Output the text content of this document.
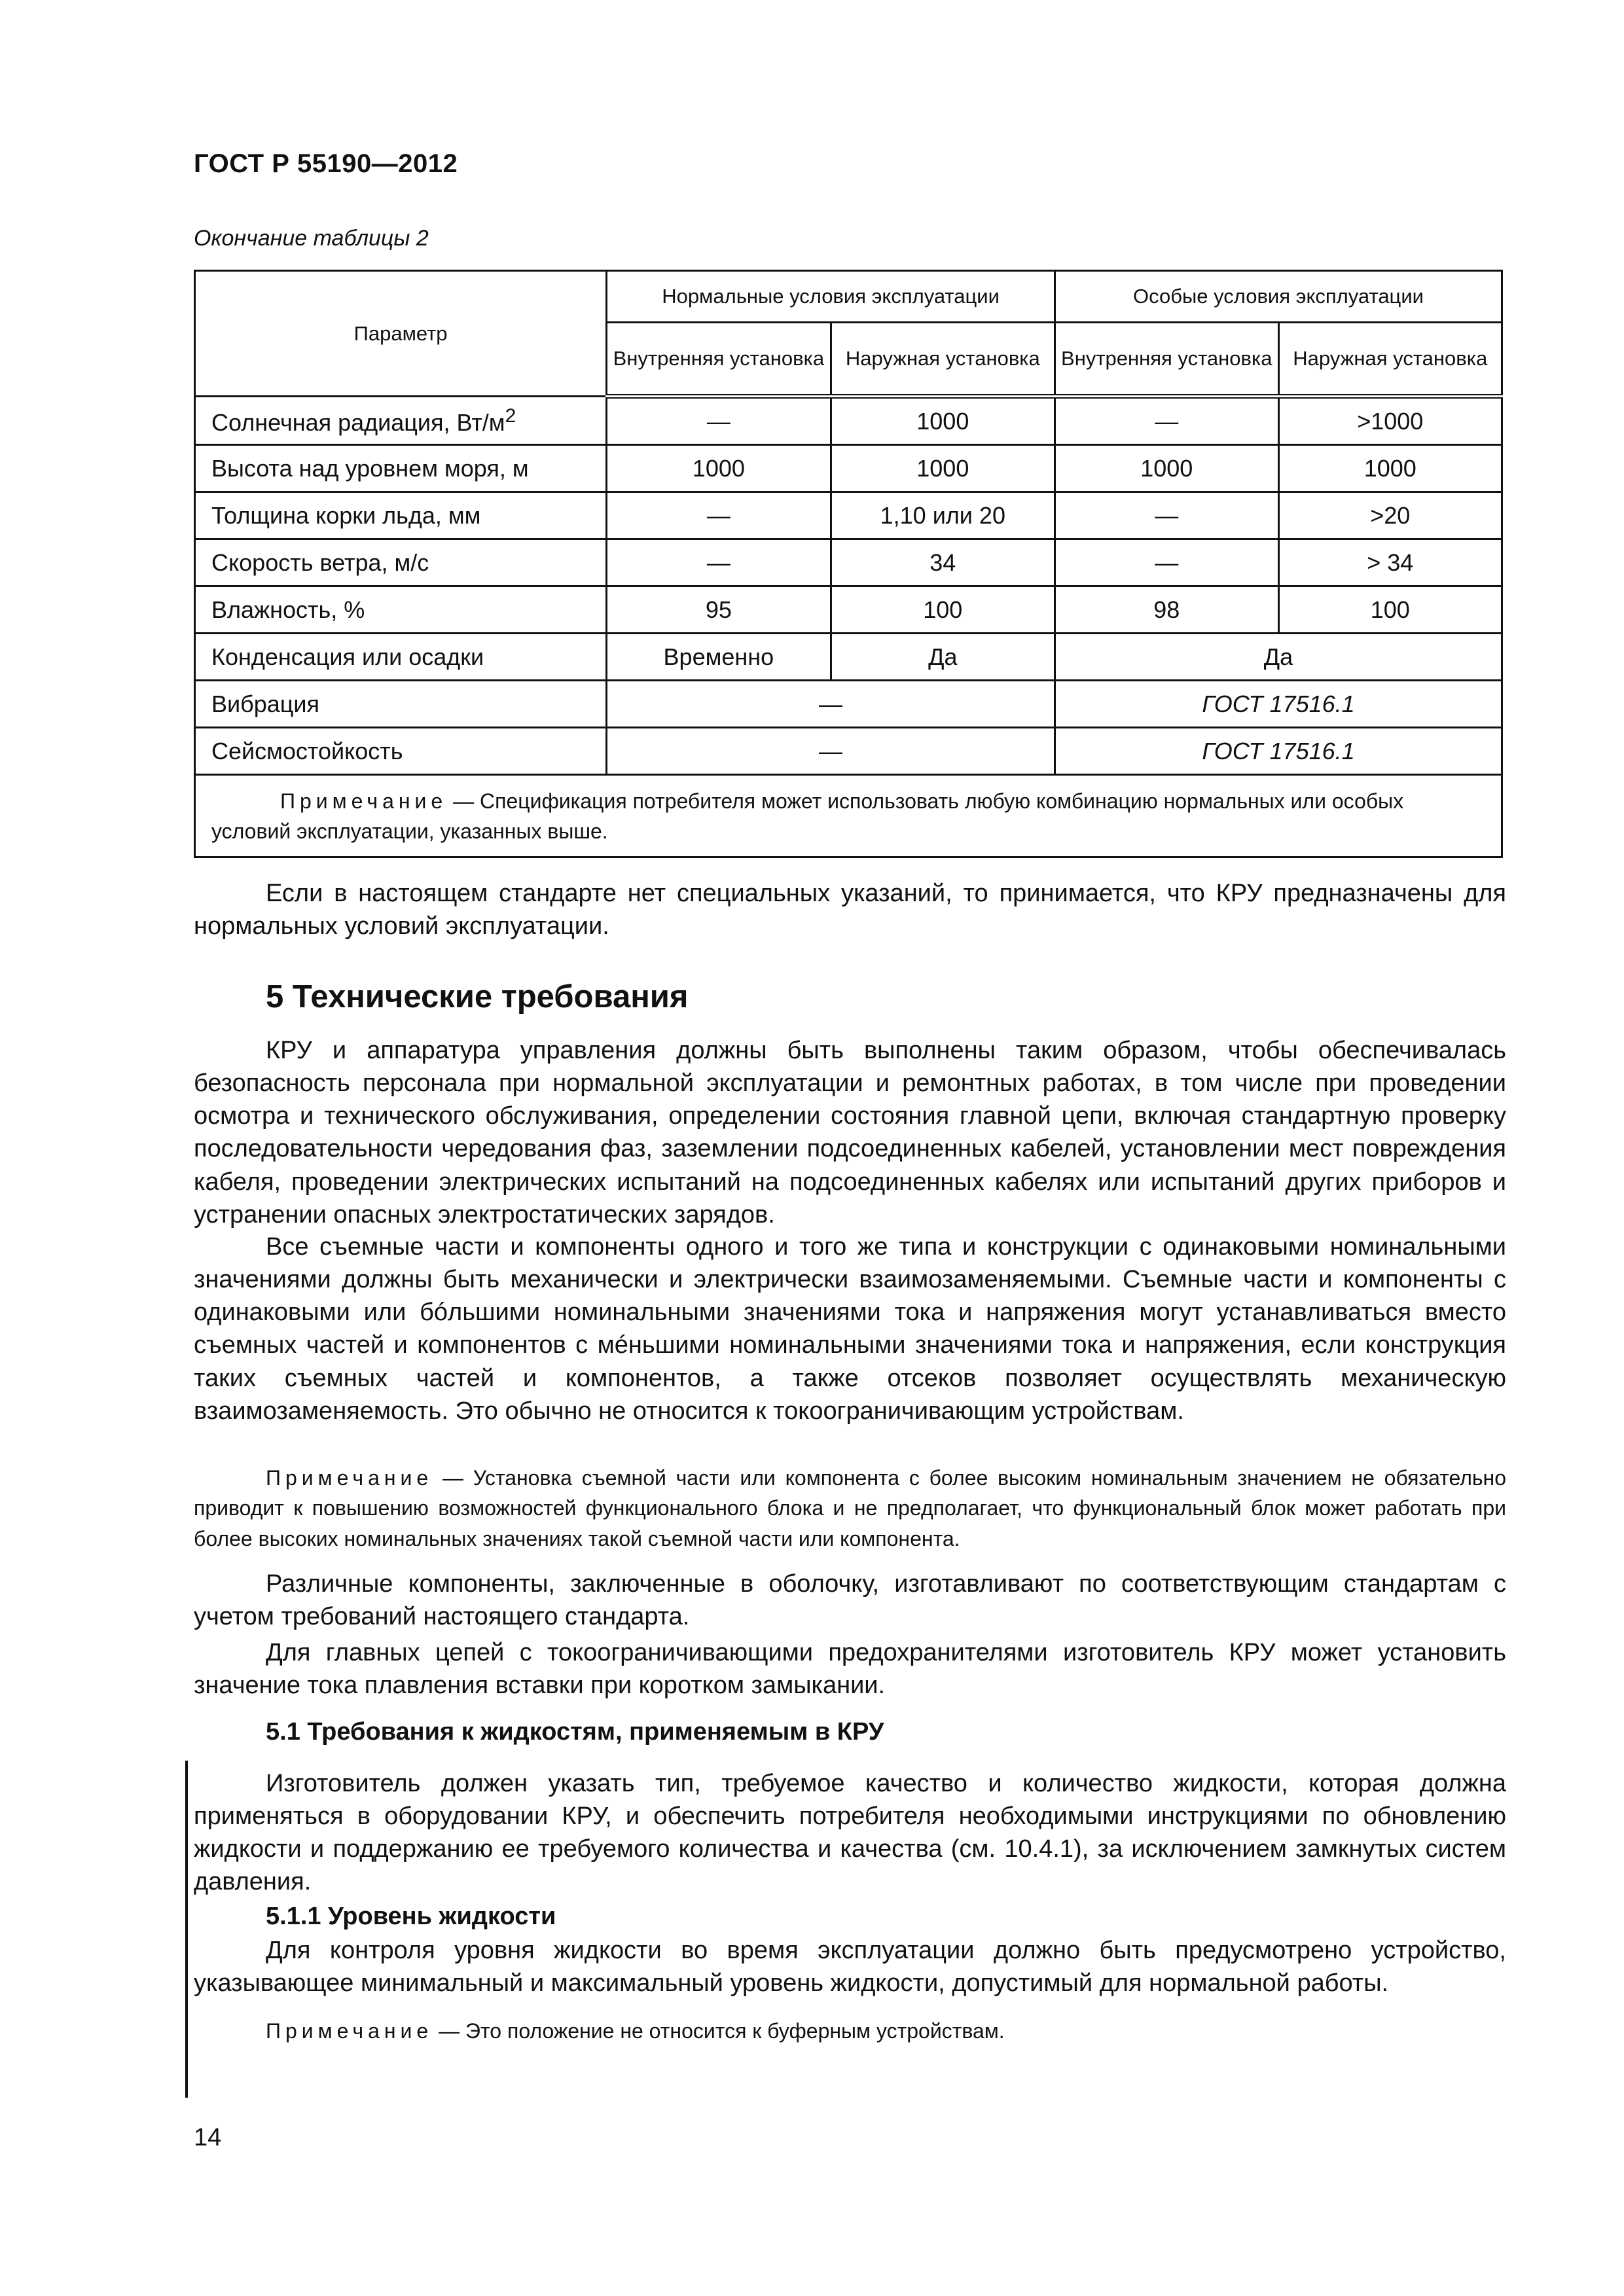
ГОСТ Р 55190—2012
Окончание таблицы 2
Параметр	Нормальные условия эксплуатации		Особые условия эксплуатации	
	Внутренняя установка	Наружная установка	Внутренняя установка	Наружная установка
Солнечная радиация, $Вт/м^2$	—	1000	—	>1000
Высота над уровнем моря, м	1000	1000	1000	1000
Толщина корки льда, мм	—	1,10 или 20	—	>20
Скорость ветра, м/с	—	34	—	> 34
Влажность, %	95	100	98	100
Конденсация или осадки	Временно	Да	Да	
Вибрация	—		ГОСТ 17516.1	
Сейсмостойкость	—		ГОСТ 17516.1	
Примечание — Спецификация потребителя может использовать любую комбинацию нормальных или особых условий эксплуатации, указанных выше.				

Если в настоящем стандарте нет специальных указаний, то принимается, что КРУ предназначены для нормальных условий эксплуатации.

5 Технические требования

КРУ и аппаратура управления должны быть выполнены таким образом, чтобы обеспечивалась безопасность персонала при нормальной эксплуатации и ремонтных работах, в том числе при проведении осмотра и технического обслуживания, определении состояния главной цепи, включая стандартную проверку последовательности чередования фаз, заземлении подсоединенных кабелей, установлении мест повреждения кабеля, проведении электрических испытаний на подсоединенных кабелях или испытаний других приборов и устранении опасных электростатических зарядов.

Все съемные части и компоненты одного и того же типа и конструкции с одинаковыми номинальными значениями должны быть механически и электрически взаимозаменяемыми. Съемные части и компоненты с одинаковыми или бóльшими номинальными значениями тока и напряжения могут устанавливаться вместо съемных частей и компонентов с мéньшими номинальными значениями тока и напряжения, если конструкция таких съемных частей и компонентов, а также отсеков позволяет осуществлять механическую взаимозаменяемость. Это обычно не относится к токоограничивающим устройствам.

Примечание — Установка съемной части или компонента с более высоким номинальным значением не обязательно приводит к повышению возможностей функционального блока и не предполагает, что функциональный блок может работать при более высоких номинальных значениях такой съемной части или компонента.

Различные компоненты, заключенные в оболочку, изготавливают по соответствующим стандартам с учетом требований настоящего стандарта.

Для главных цепей с токоограничивающими предохранителями изготовитель КРУ может установить значение тока плавления вставки при коротком замыкании.

5.1 Требования к жидкостям, применяемым в КРУ

Изготовитель должен указать тип, требуемое качество и количество жидкости, которая должна применяться в оборудовании КРУ, и обеспечить потребителя необходимыми инструкциями по обновлению жидкости и поддержанию ее требуемого количества и качества (см. 10.4.1), за исключением замкнутых систем давления.

5.1.1 Уровень жидкости

Для контроля уровня жидкости во время эксплуатации должно быть предусмотрено устройство, указывающее минимальный и максимальный уровень жидкости, допустимый для нормальной работы.

Примечание — Это положение не относится к буферным устройствам.

14
